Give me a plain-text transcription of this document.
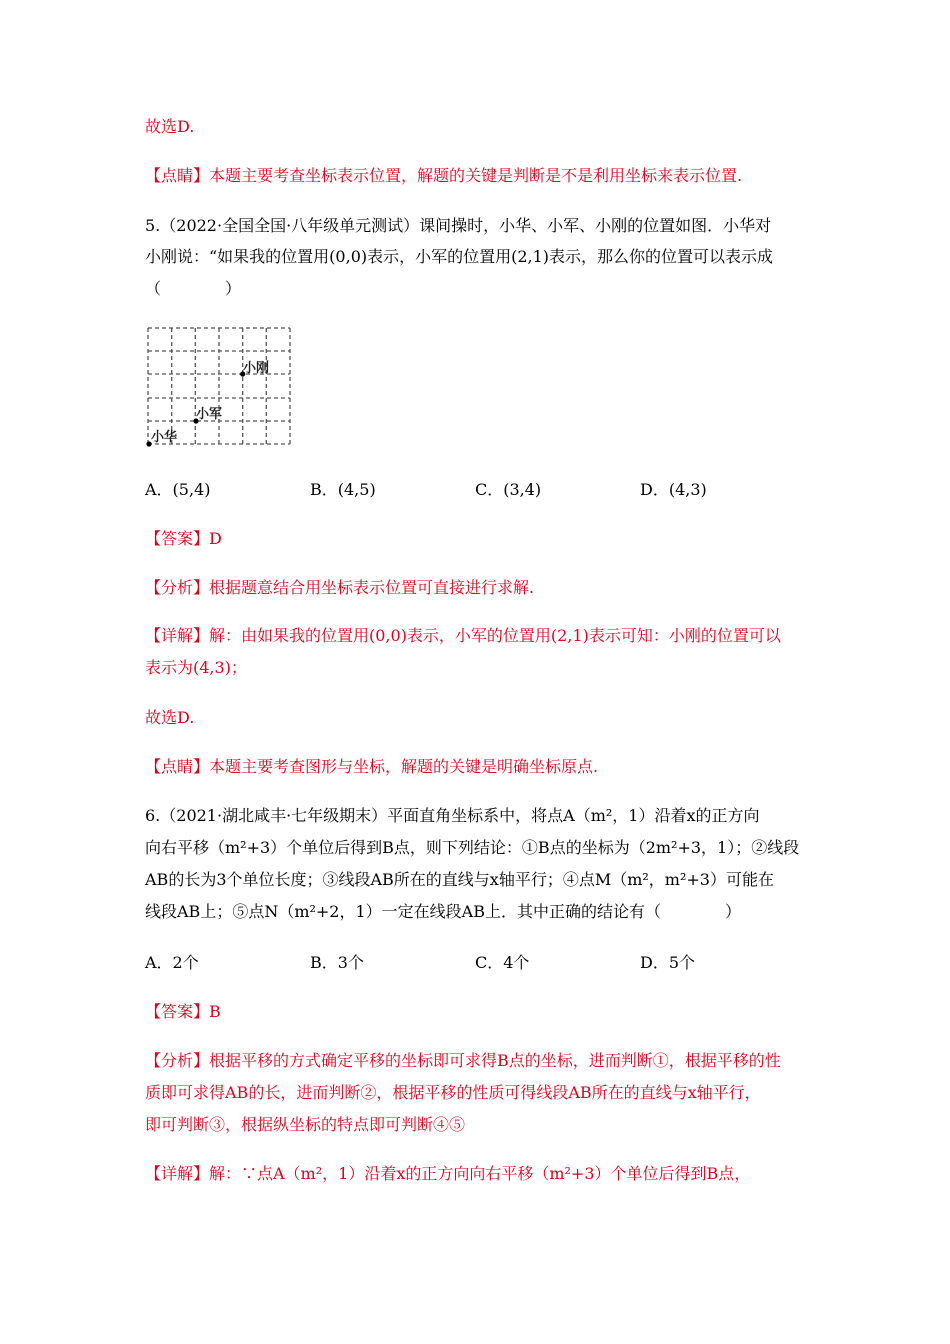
故选D.
【点睛】本题主要考查坐标表示位置，解题的关键是判断是不是利用坐标来表示位置.
5.（2022·全国全国·八年级单元测试）课间操时，小华、小军、小刚的位置如图．小华对
小刚说：“如果我的位置用(0,0)表示，小军的位置用(2,1)表示，那么你的位置可以表示成
（　　　　）
小华
小军
小刚
A．(5,4)	B．(4,5)	C．(3,4)	D．(4,3)
【答案】D
【分析】根据题意结合用坐标表示位置可直接进行求解.
【详解】解：由如果我的位置用(0,0)表示，小军的位置用(2,1)表示可知：小刚的位置可以
表示为(4,3)；
故选D.
【点睛】本题主要考查图形与坐标，解题的关键是明确坐标原点.
6.（2021·湖北咸丰·七年级期末）平面直角坐标系中，将点A（m²，1）沿着x的正方向
向右平移（m²+3）个单位后得到B点，则下列结论：①B点的坐标为（2m²+3，1）；②线段
AB的长为3个单位长度；③线段AB所在的直线与x轴平行；④点M（m²，m²+3）可能在
线段AB上；⑤点N（m²+2，1）一定在线段AB上．其中正确的结论有（　　　　）
A．2个	B．3个	C．4个	D．5个
【答案】B
【分析】根据平移的方式确定平移的坐标即可求得B点的坐标，进而判断①，根据平移的性
质即可求得AB的长，进而判断②，根据平移的性质可得线段AB所在的直线与x轴平行，
即可判断③，根据纵坐标的特点即可判断④⑤
【详解】解：∵点A（m²，1）沿着x的正方向向右平移（m²+3）个单位后得到B点，
